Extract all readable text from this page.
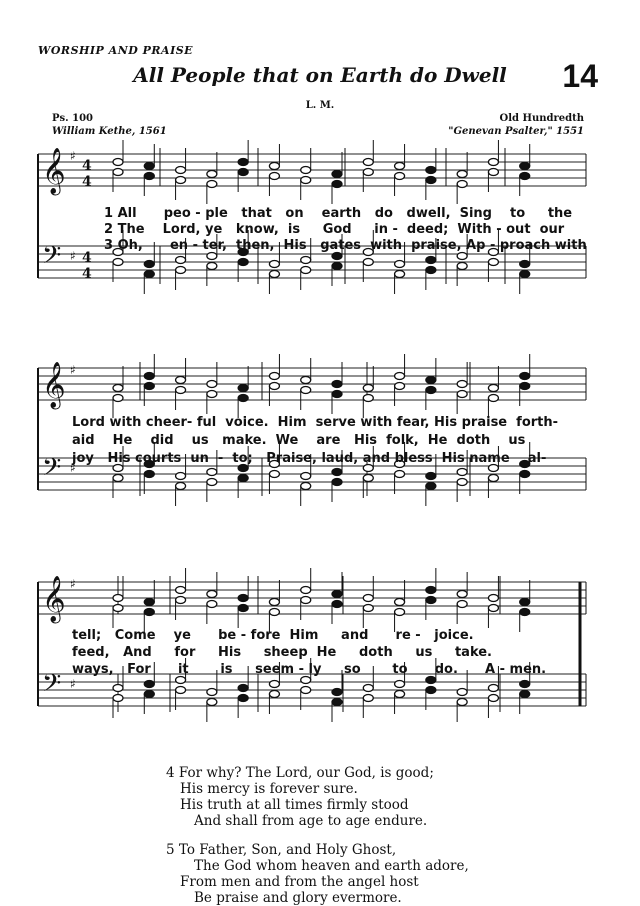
WORSHIP AND PRAISE
All People that on Earth do Dwell	14
L. M.
Ps. 100
William Kethe, 1561
Old Hundredth
"Genevan Psalter," 1551
𝄞 ♯
4
4
𝄢 ♯ 4
4
𝄞 ♯
𝄢 ♯
𝄞 ♯
𝄢 ♯
1 All      peo - ple   that   on    earth   do   dwell,  Sing    to     the
2 The    Lord, ye   know,  is     God     in -  deed;  With - out  our
3 Oh,      en - ter,  then,  His   gates  with  praise, Ap - proach with
Lord with cheer- ful  voice.  Him  serve with fear, His praise  forth-
aid    He    did    us   make.  We    are   His  folk,  He  doth    us
joy   His courts  un  -  to;   Praise, laud, and bless  His name    al-
tell;   Come    ye      be - fore  Him     and      re -   joice.
feed,   And     for     His     sheep  He     doth     us     take.
ways,   For      it       is     seem - ly     so       to      do.      A - men.
4 For why? The Lord, our God, is good;
His mercy is forever sure.
His truth at all times firmly stood
And shall from age to age endure.
5 To Father, Son, and Holy Ghost,
The God whom heaven and earth adore,
From men and from the angel host
Be praise and glory evermore.
